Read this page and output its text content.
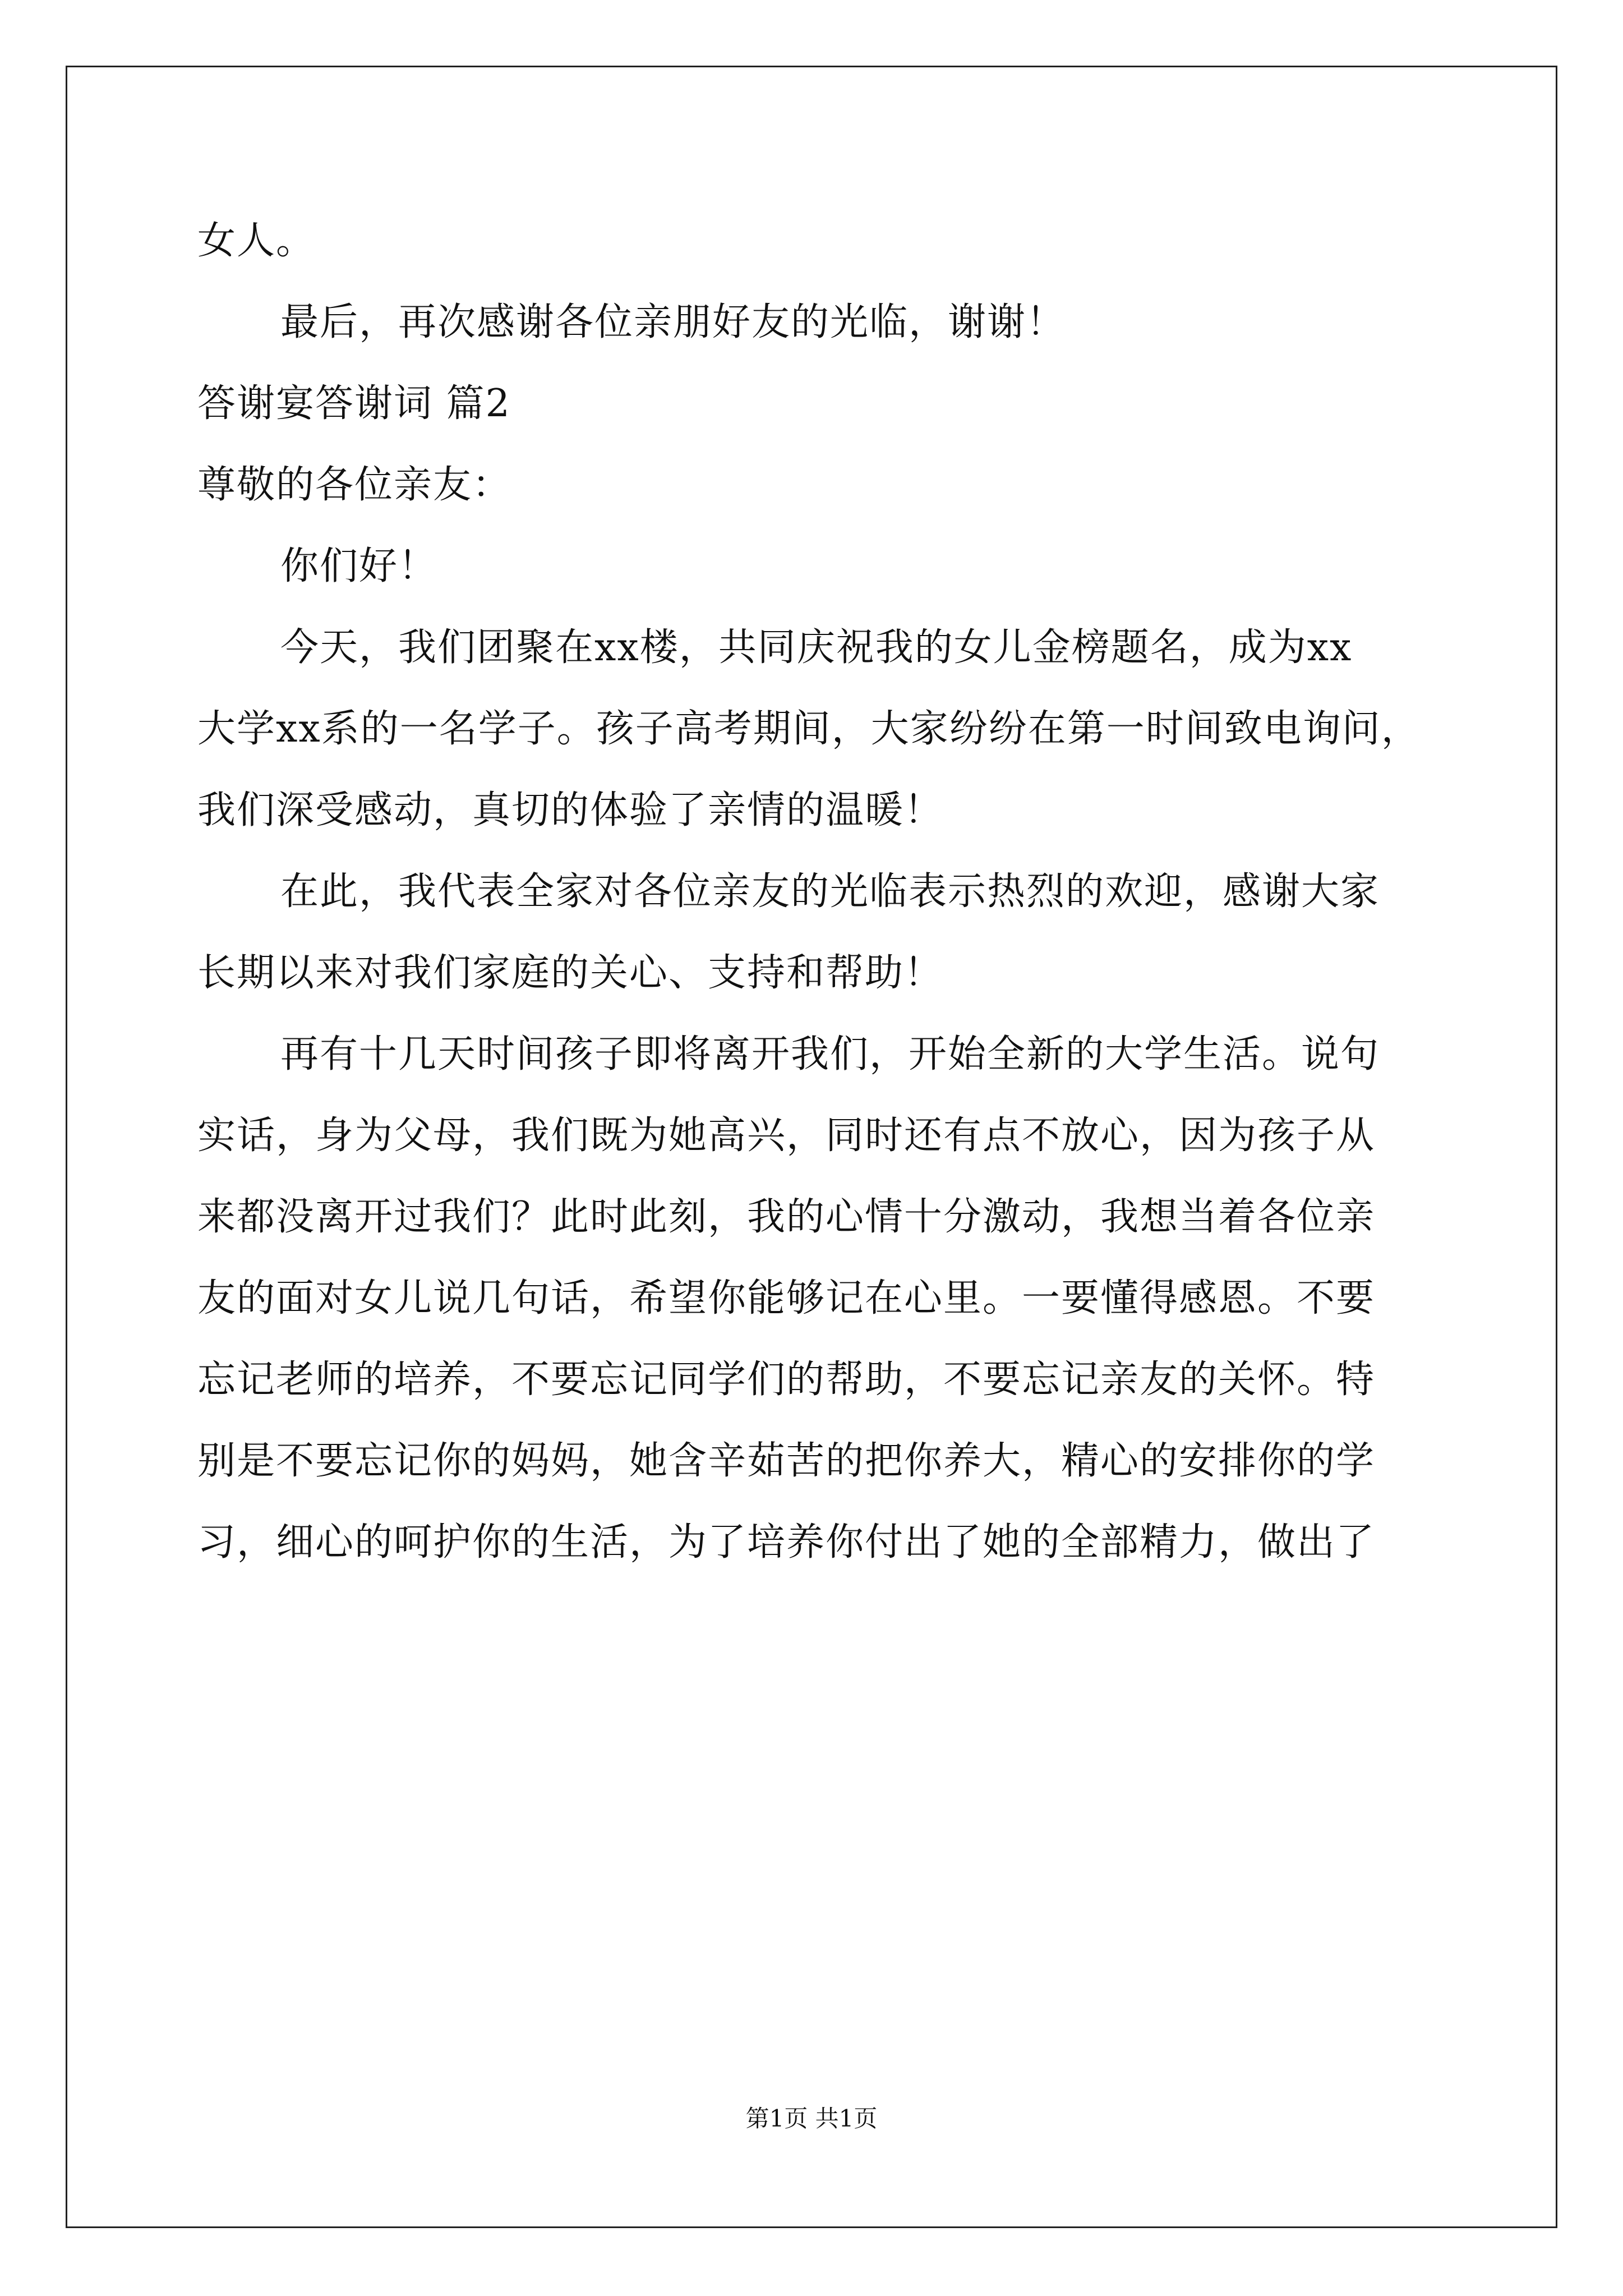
女人。
最后，再次感谢各位亲朋好友的光临，谢谢！
答谢宴答谢词 篇2
尊敬的各位亲友：
你们好！
今天，我们团聚在xx楼，共同庆祝我的女儿金榜题名，成为xx
大学xx系的一名学子。孩子高考期间，大家纷纷在第一时间致电询问，
我们深受感动，真切的体验了亲情的温暖！
在此，我代表全家对各位亲友的光临表示热烈的欢迎，感谢大家
长期以来对我们家庭的关心、支持和帮助！
再有十几天时间孩子即将离开我们，开始全新的大学生活。说句
实话，身为父母，我们既为她高兴，同时还有点不放心，因为孩子从
来都没离开过我们？此时此刻，我的心情十分激动，我想当着各位亲
友的面对女儿说几句话，希望你能够记在心里。一要懂得感恩。不要
忘记老师的培养，不要忘记同学们的帮助，不要忘记亲友的关怀。特
别是不要忘记你的妈妈，她含辛茹苦的把你养大，精心的安排你的学
习，细心的呵护你的生活，为了培养你付出了她的全部精力，做出了
第1页 共1页
